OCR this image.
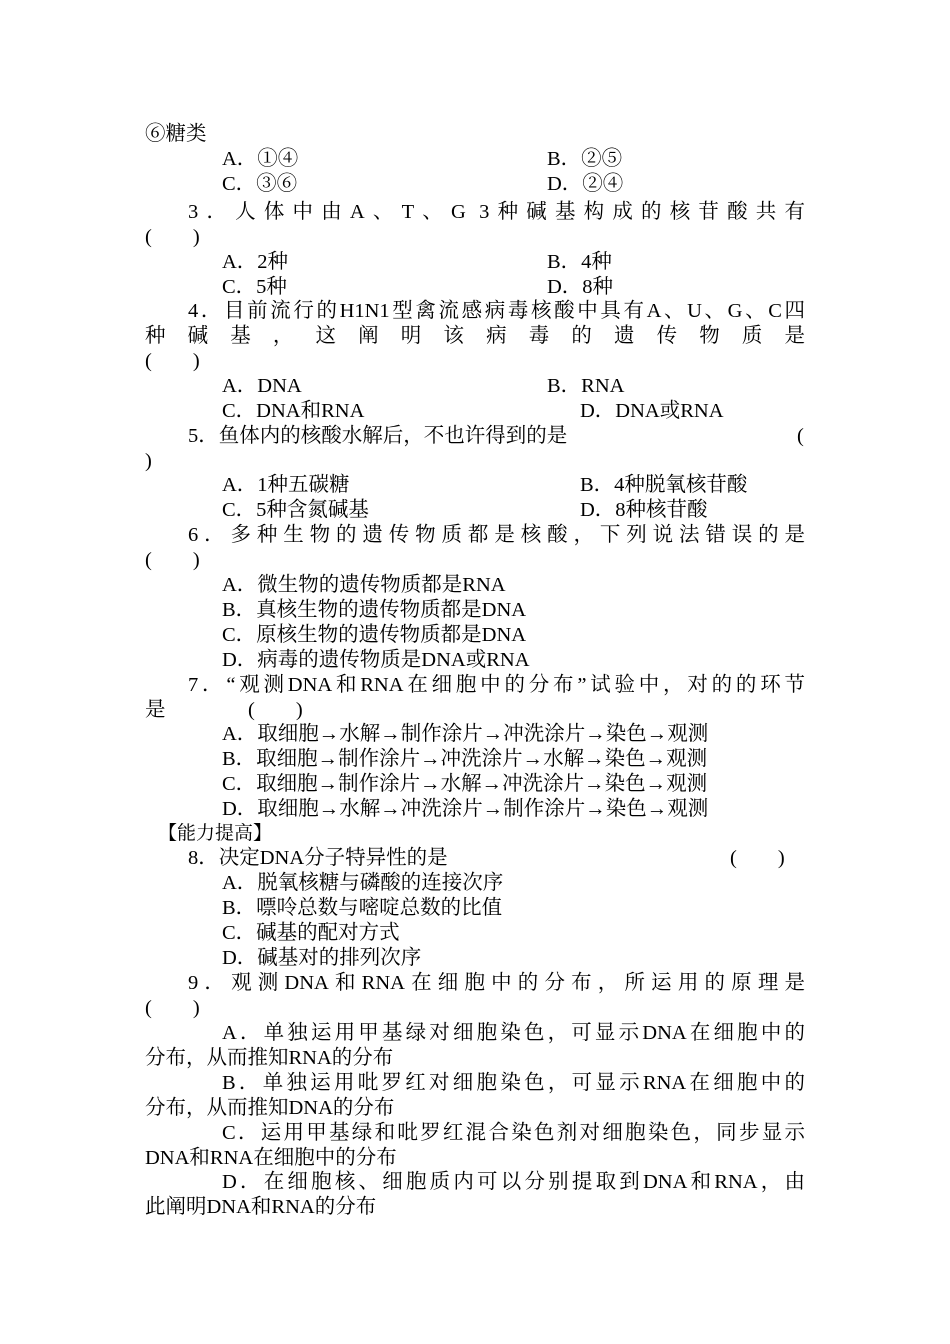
⑥糖类
A．①④	B．②⑤
C．③⑥	D．②④
3．人体中由A、T、G 3种碱基构成的核苷酸共有
(　　)
A．2种	B．4种
C．5种	D．8种
4．目前流行的H1N1型禽流感病毒核酸中具有A、U、G、C四
种碱基，这阐明该病毒的遗传物质是
(　　)
A．DNA	B．RNA
C．DNA和RNA	D．DNA或RNA
5．鱼体内的核酸水解后，不也许得到的是	(
)
A．1种五碳糖	B．4种脱氧核苷酸
C．5种含氮碱基	D．8种核苷酸
6．多种生物的遗传物质都是核酸，下列说法错误的是
(　　)
A．微生物的遗传物质都是RNA
B．真核生物的遗传物质都是DNA
C．原核生物的遗传物质都是DNA
D．病毒的遗传物质是DNA或RNA
7．“观测DNA和RNA在细胞中的分布”试验中，对的的环节
是	(　　)
A．取细胞→水解→制作涂片→冲洗涂片→染色→观测
B．取细胞→制作涂片→冲洗涂片→水解→染色→观测
C．取细胞→制作涂片→水解→冲洗涂片→染色→观测
D．取细胞→水解→冲洗涂片→制作涂片→染色→观测
【能力提高】
8．决定DNA分子特异性的是	(　　)
A．脱氧核糖与磷酸的连接次序
B．嘌呤总数与嘧啶总数的比值
C．碱基的配对方式
D．碱基对的排列次序
9．观测DNA和RNA在细胞中的分布，所运用的原理是
(　　)
A．单独运用甲基绿对细胞染色，可显示DNA在细胞中的
分布，从而推知RNA的分布
B．单独运用吡罗红对细胞染色，可显示RNA在细胞中的
分布，从而推知DNA的分布
C．运用甲基绿和吡罗红混合染色剂对细胞染色，同步显示
DNA和RNA在细胞中的分布
D．在细胞核、细胞质内可以分别提取到DNA和RNA，由
此阐明DNA和RNA的分布
